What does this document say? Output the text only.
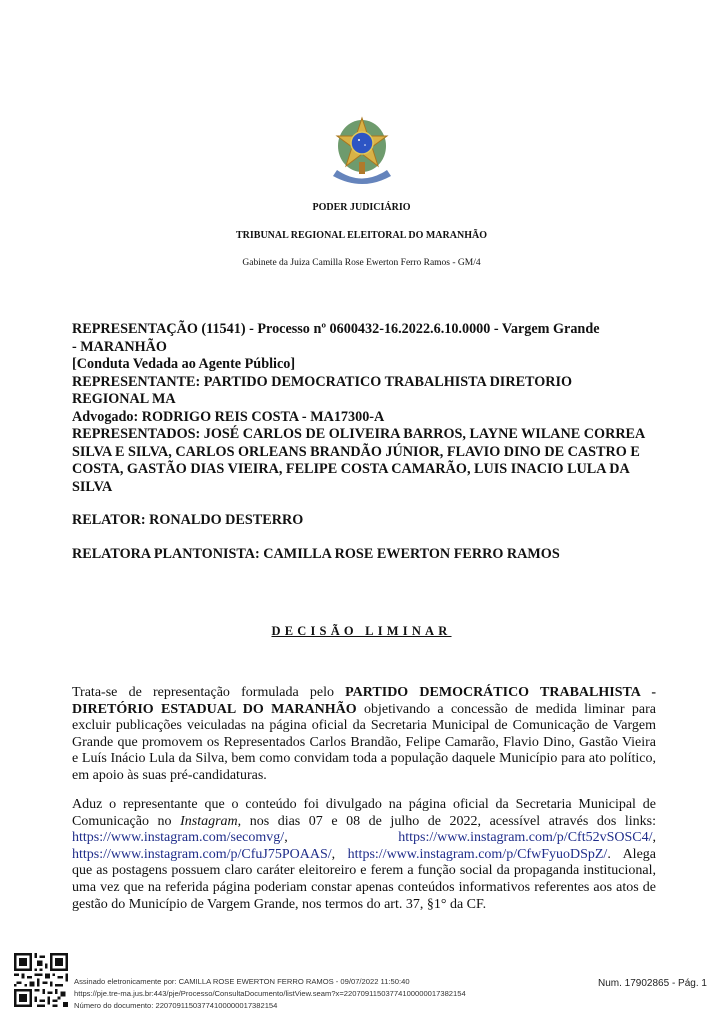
PODER JUDICIÁRIO
TRIBUNAL REGIONAL ELEITORAL DO MARANHÃO
Gabinete da Juiza Camilla Rose Ewerton Ferro Ramos - GM/4

REPRESENTAÇÃO (11541) - Processo nº 0600432-16.2022.6.10.0000 - Vargem Grande

- MARANHÃO

[Conduta Vedada ao Agente Público]

REPRESENTANTE: PARTIDO DEMOCRATICO TRABALHISTA DIRETORIO REGIONAL MA

Advogado: RODRIGO REIS COSTA - MA17300-A

REPRESENTADOS: JOSÉ CARLOS DE OLIVEIRA BARROS, LAYNE WILANE CORREA SILVA E SILVA, CARLOS ORLEANS BRANDÃO JÚNIOR, FLAVIO DINO DE CASTRO E COSTA, GASTÃO DIAS VIEIRA, FELIPE COSTA CAMARÃO, LUIS INACIO LULA DA SILVA

RELATOR: RONALDO DESTERRO

RELATORA PLANTONISTA: CAMILLA ROSE EWERTON FERRO RAMOS

DECISÃO LIMINAR
Trata-se de representação formulada pelo PARTIDO DEMOCRÁTICO TRABALHISTA - DIRETÓRIO ESTADUAL DO MARANHÃO objetivando a concessão de medida liminar para excluir publicações veiculadas na página oficial da Secretaria Municipal de Comunicação de Vargem Grande que promovem os Representados Carlos Brandão, Felipe Camarão, Flavio Dino, Gastão Vieira e Luís Inácio Lula da Silva, bem como convidam toda a população daquele Município para ato político, em apoio às suas pré-candidaturas.
Aduz o representante que o conteúdo foi divulgado na página oficial da Secretaria Municipal de Comunicação no Instagram, nos dias 07 e 08 de julho de 2022, acessível através dos links: https://www.instagram.com/secomvg/,      https://www.instagram.com/p/Cft52vSOSC4/, https://www.instagram.com/p/CfuJ75POAAS/, https://www.instagram.com/p/CfwFyuoDSpZ/. Alega que as postagens possuem claro caráter eleitoreiro e ferem a função social da propaganda institucional, uma vez que na referida página poderiam constar apenas conteúdos informativos referentes aos atos de gestão do Município de Vargem Grande, nos termos do art. 37, §1° da CF.
Assinado eletronicamente por: CAMILLA ROSE EWERTON FERRO RAMOS - 09/07/2022 11:50:40
https://pje.tre-ma.jus.br:443/pje/Processo/ConsultaDocumento/listView.seam?x=22070911503774100000017382154
Número do documento: 22070911503774100000017382154
Num. 17902865 - Pág. 1
